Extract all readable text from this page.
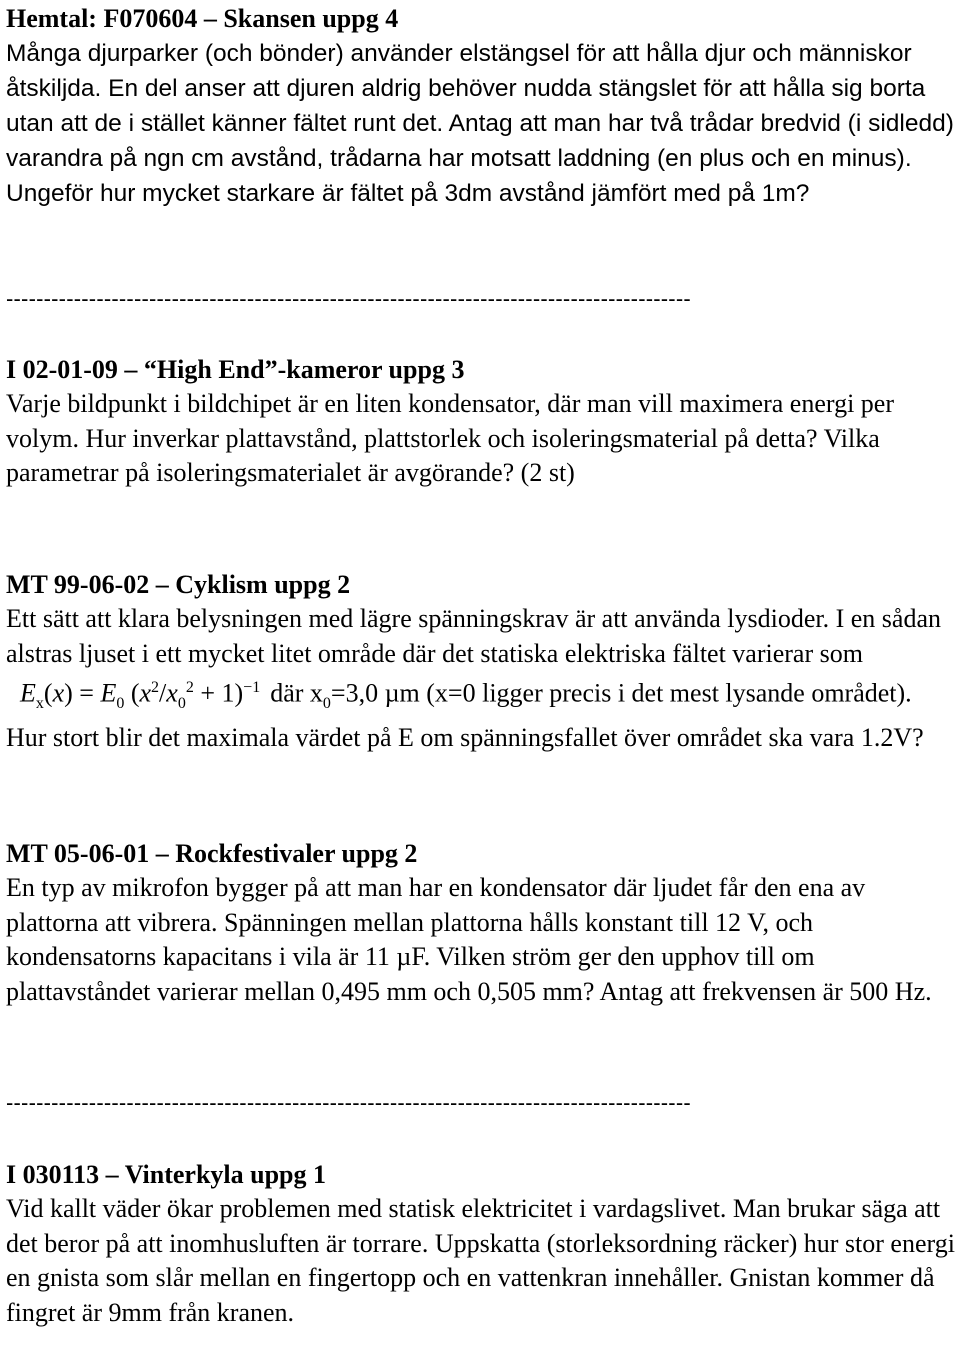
Hemtal: F070604 – Skansen uppg 4

Många djurparker (och bönder) använder elstängsel för att hålla djur och människor åtskiljda. En del anser att djuren aldrig behöver nudda stängslet för att hålla sig borta utan att de i stället känner fältet runt det. Antag att man har två trådar bredvid (i sidledd) varandra på ngn cm avstånd, trådarna har motsatt laddning (en plus och en minus). Ungeför hur mycket starkare är fältet på 3dm avstånd jämfört med på 1m?

-------------------------------------------------------------------------------------------

I 02-01-09 – “High End”-kameror uppg 3

Varje bildpunkt i bildchipet är en liten kondensator, där man vill maximera energi per volym. Hur inverkar plattavstånd, plattstorlek och isoleringsmaterial på detta? Vilka parametrar på isoleringsmaterialet är avgörande? (2 st)

MT 99-06-02 – Cyklism uppg 2

Ett sätt att klara belysningen med lägre spänningskrav är att använda lysdioder. I en sådan alstras ljuset i ett mycket litet område där det statiska elektriska fältet varierar somE$_x$(x) = $E_0$ $(x^2/x_0^2 + 1)^{-1}$ där $x_0=3,0$ µm (x=0 ligger precis i det mest lysande området). Hur stort blir det maximala värdet på E om spänningsfallet över området ska vara 1.2V?

MT 05-06-01 – Rockfestivaler uppg 2

En typ av mikrofon bygger på att man har en kondensator där ljudet får den ena av plattorna att vibrera. Spänningen mellan plattorna hålls konstant till 12 V, och kondensatorns kapacitans i vila är 11 µF. Vilken ström ger den upphov till om plattavståndet varierar mellan 0,495 mm och 0,505 mm? Antag att frekvensen är 500 Hz.

-------------------------------------------------------------------------------------------

I 030113 – Vinterkyla uppg 1

Vid kallt väder ökar problemen med statisk elektricitet i vardagslivet. Man brukar säga att det beror på att inomhusluften är torrare. Uppskatta (storleksordning räcker) hur stor energi en gnista som slår mellan en fingertopp och en vattenkran innehåller. Gnistan kommer då fingret är 9mm från kranen.
